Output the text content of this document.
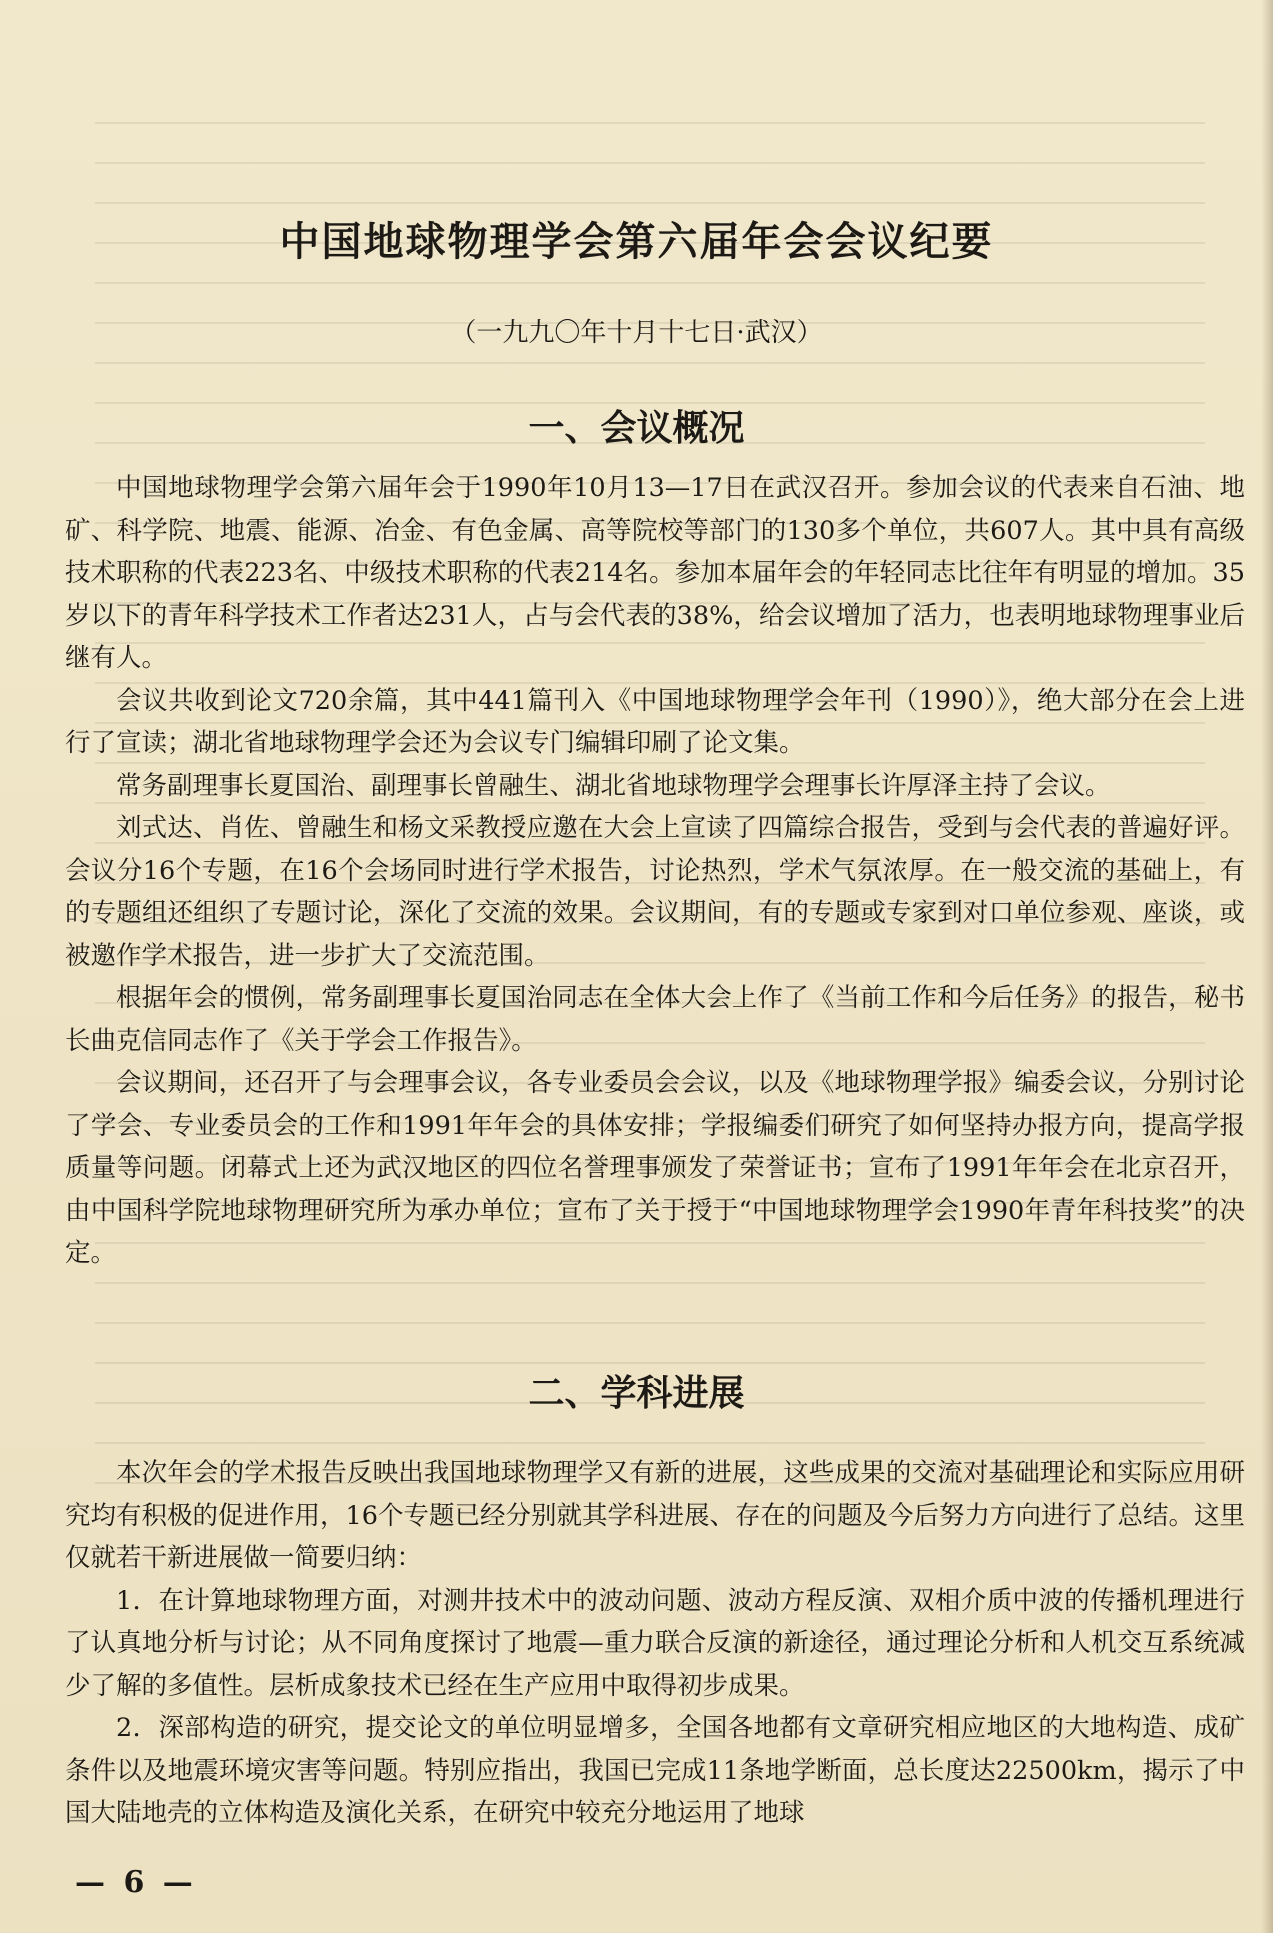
中国地球物理学会第六届年会会议纪要
（一九九〇年十月十七日·武汉）
一、会议概况

中国地球物理学会第六届年会于1990年10月13—17日在武汉召开。参加会议的代表来自石油、地矿、科学院、地震、能源、冶金、有色金属、高等院校等部门的130多个单位，共607人。其中具有高级技术职称的代表223名、中级技术职称的代表214名。参加本届年会的年轻同志比往年有明显的增加。35岁以下的青年科学技术工作者达231人，占与会代表的38%，给会议增加了活力，也表明地球物理事业后继有人。

会议共收到论文720余篇，其中441篇刊入《中国地球物理学会年刊（1990）》，绝大部分在会上进行了宣读；湖北省地球物理学会还为会议专门编辑印刷了论文集。

常务副理事长夏国治、副理事长曾融生、湖北省地球物理学会理事长许厚泽主持了会议。

刘式达、肖佐、曾融生和杨文采教授应邀在大会上宣读了四篇综合报告，受到与会代表的普遍好评。会议分16个专题，在16个会场同时进行学术报告，讨论热烈，学术气氛浓厚。在一般交流的基础上，有的专题组还组织了专题讨论，深化了交流的效果。会议期间，有的专题或专家到对口单位参观、座谈，或被邀作学术报告，进一步扩大了交流范围。

根据年会的惯例，常务副理事长夏国治同志在全体大会上作了《当前工作和今后任务》的报告，秘书长曲克信同志作了《关于学会工作报告》。

会议期间，还召开了与会理事会议，各专业委员会会议，以及《地球物理学报》编委会议，分别讨论了学会、专业委员会的工作和1991年年会的具体安排；学报编委们研究了如何坚持办报方向，提高学报质量等问题。闭幕式上还为武汉地区的四位名誉理事颁发了荣誉证书；宣布了1991年年会在北京召开，由中国科学院地球物理研究所为承办单位；宣布了关于授于“中国地球物理学会1990年青年科技奖”的决定。

二、学科进展

本次年会的学术报告反映出我国地球物理学又有新的进展，这些成果的交流对基础理论和实际应用研究均有积极的促进作用，16个专题已经分别就其学科进展、存在的问题及今后努力方向进行了总结。这里仅就若干新进展做一简要归纳：

1．在计算地球物理方面，对测井技术中的波动问题、波动方程反演、双相介质中波的传播机理进行了认真地分析与讨论；从不同角度探讨了地震—重力联合反演的新途径，通过理论分析和人机交互系统减少了解的多值性。层析成象技术已经在生产应用中取得初步成果。

2．深部构造的研究，提交论文的单位明显增多，全国各地都有文章研究相应地区的大地构造、成矿条件以及地震环境灾害等问题。特别应指出，我国已完成11条地学断面，总长度达22500km，揭示了中国大陆地壳的立体构造及演化关系，在研究中较充分地运用了地球

— 6 —
